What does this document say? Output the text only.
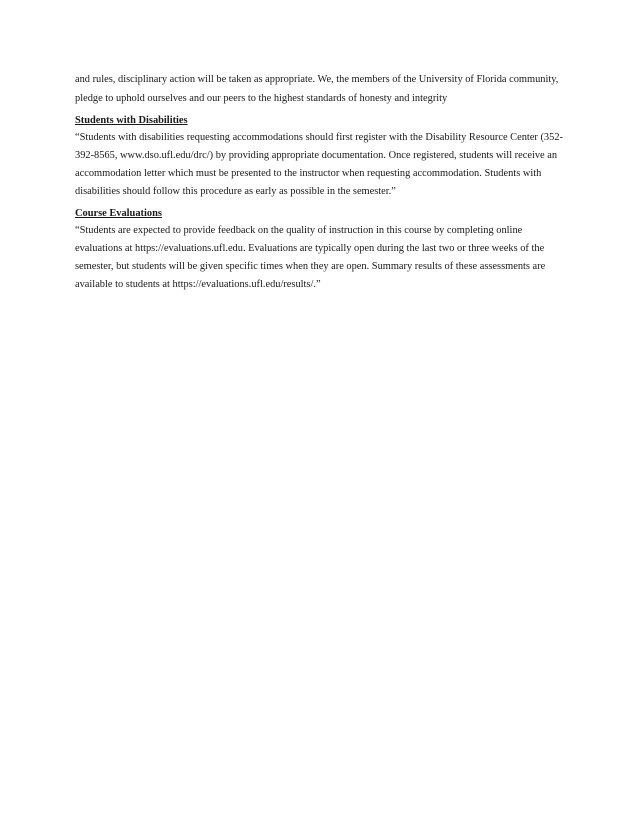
and rules, disciplinary action will be taken as appropriate. We, the members of the University of Florida community, pledge to uphold ourselves and our peers to the highest standards of honesty and integrity

Students with Disabilities

“Students with disabilities requesting accommodations should first register with the Disability Resource Center (352-392-8565, www.dso.ufl.edu/drc/) by providing appropriate documentation. Once registered, students will receive an accommodation letter which must be presented to the instructor when requesting accommodation. Students with disabilities should follow this procedure as early as possible in the semester.”

Course Evaluations

“Students are expected to provide feedback on the quality of instruction in this course by completing online evaluations at https://evaluations.ufl.edu. Evaluations are typically open during the last two or three weeks of the semester, but students will be given specific times when they are open. Summary results of these assessments are available to students at https://evaluations.ufl.edu/results/.”
